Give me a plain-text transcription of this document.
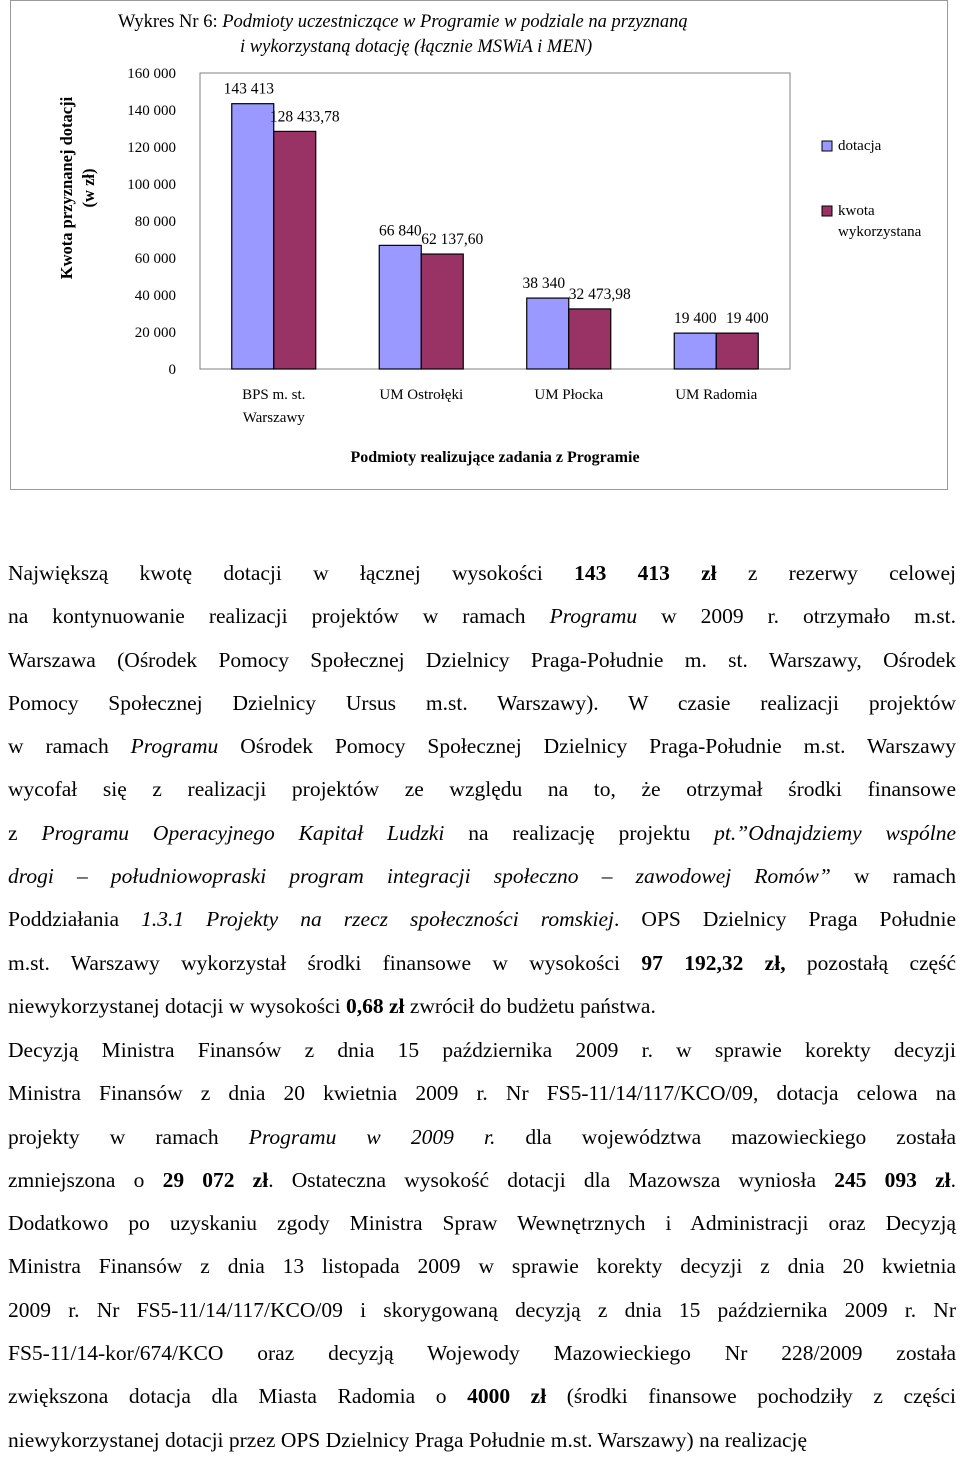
Wykres Nr 6: Podmioty uczestniczące w Programie w podziale na przyznaną
i wykorzystaną dotację (łącznie MSWiA i MEN)
Kwota przyznanej dotacji (w zł)
Podmioty realizujące zadania z Programie
0
20 000
40 000
60 000
80 000
100 000
120 000
140 000
160 000
143 413
128 433,78
66 840
62 137,60
38 340
32 473,98
19 400 19 400
BPS m. st.
Warszawy
UM Ostrołęki	UM Płocka	UM Radomia
dotacja
kwota
wykorzystana
Największą kwotę dotacji w łącznej wysokości 143 413 zł z rezerwy celowej
na kontynuowanie realizacji projektów w ramach Programu w 2009 r. otrzymało m.st.
Warszawa (Ośrodek Pomocy Społecznej Dzielnicy Praga-Południe m. st. Warszawy, Ośrodek
Pomocy Społecznej Dzielnicy Ursus m.st. Warszawy). W czasie realizacji projektów
w ramach Programu Ośrodek Pomocy Społecznej Dzielnicy Praga-Południe m.st. Warszawy
wycofał się z realizacji projektów ze względu na to, że otrzymał środki finansowe
z Programu Operacyjnego Kapitał Ludzki na realizację projektu pt.”Odnajdziemy wspólne
drogi – południowopraski program integracji społeczno – zawodowej Romów” w ramach
Poddziałania 1.3.1 Projekty na rzecz społeczności romskiej. OPS Dzielnicy Praga Południe
m.st. Warszawy wykorzystał środki finansowe w wysokości 97 192,32 zł, pozostałą część
niewykorzystanej dotacji w wysokości 0,68 zł zwrócił do budżetu państwa.
Decyzją Ministra Finansów z dnia 15 października 2009 r. w sprawie korekty decyzji
Ministra Finansów z dnia 20 kwietnia 2009 r. Nr FS5-11/14/117/KCO/09, dotacja celowa na
projekty w ramach Programu w 2009 r. dla województwa mazowieckiego została
zmniejszona o 29 072 zł. Ostateczna wysokość dotacji dla Mazowsza wyniosła 245 093 zł.
Dodatkowo po uzyskaniu zgody Ministra Spraw Wewnętrznych i Administracji oraz Decyzją
Ministra Finansów z dnia 13 listopada 2009 w sprawie korekty decyzji z dnia 20 kwietnia
2009 r. Nr FS5-11/14/117/KCO/09 i skorygowaną decyzją z dnia 15 października 2009 r. Nr
FS5-11/14-kor/674/KCO oraz decyzją Wojewody Mazowieckiego Nr 228/2009 została
zwiększona dotacja dla Miasta Radomia o 4000 zł (środki finansowe pochodziły z części
niewykorzystanej dotacji przez OPS Dzielnicy Praga Południe m.st. Warszawy) na realizację
